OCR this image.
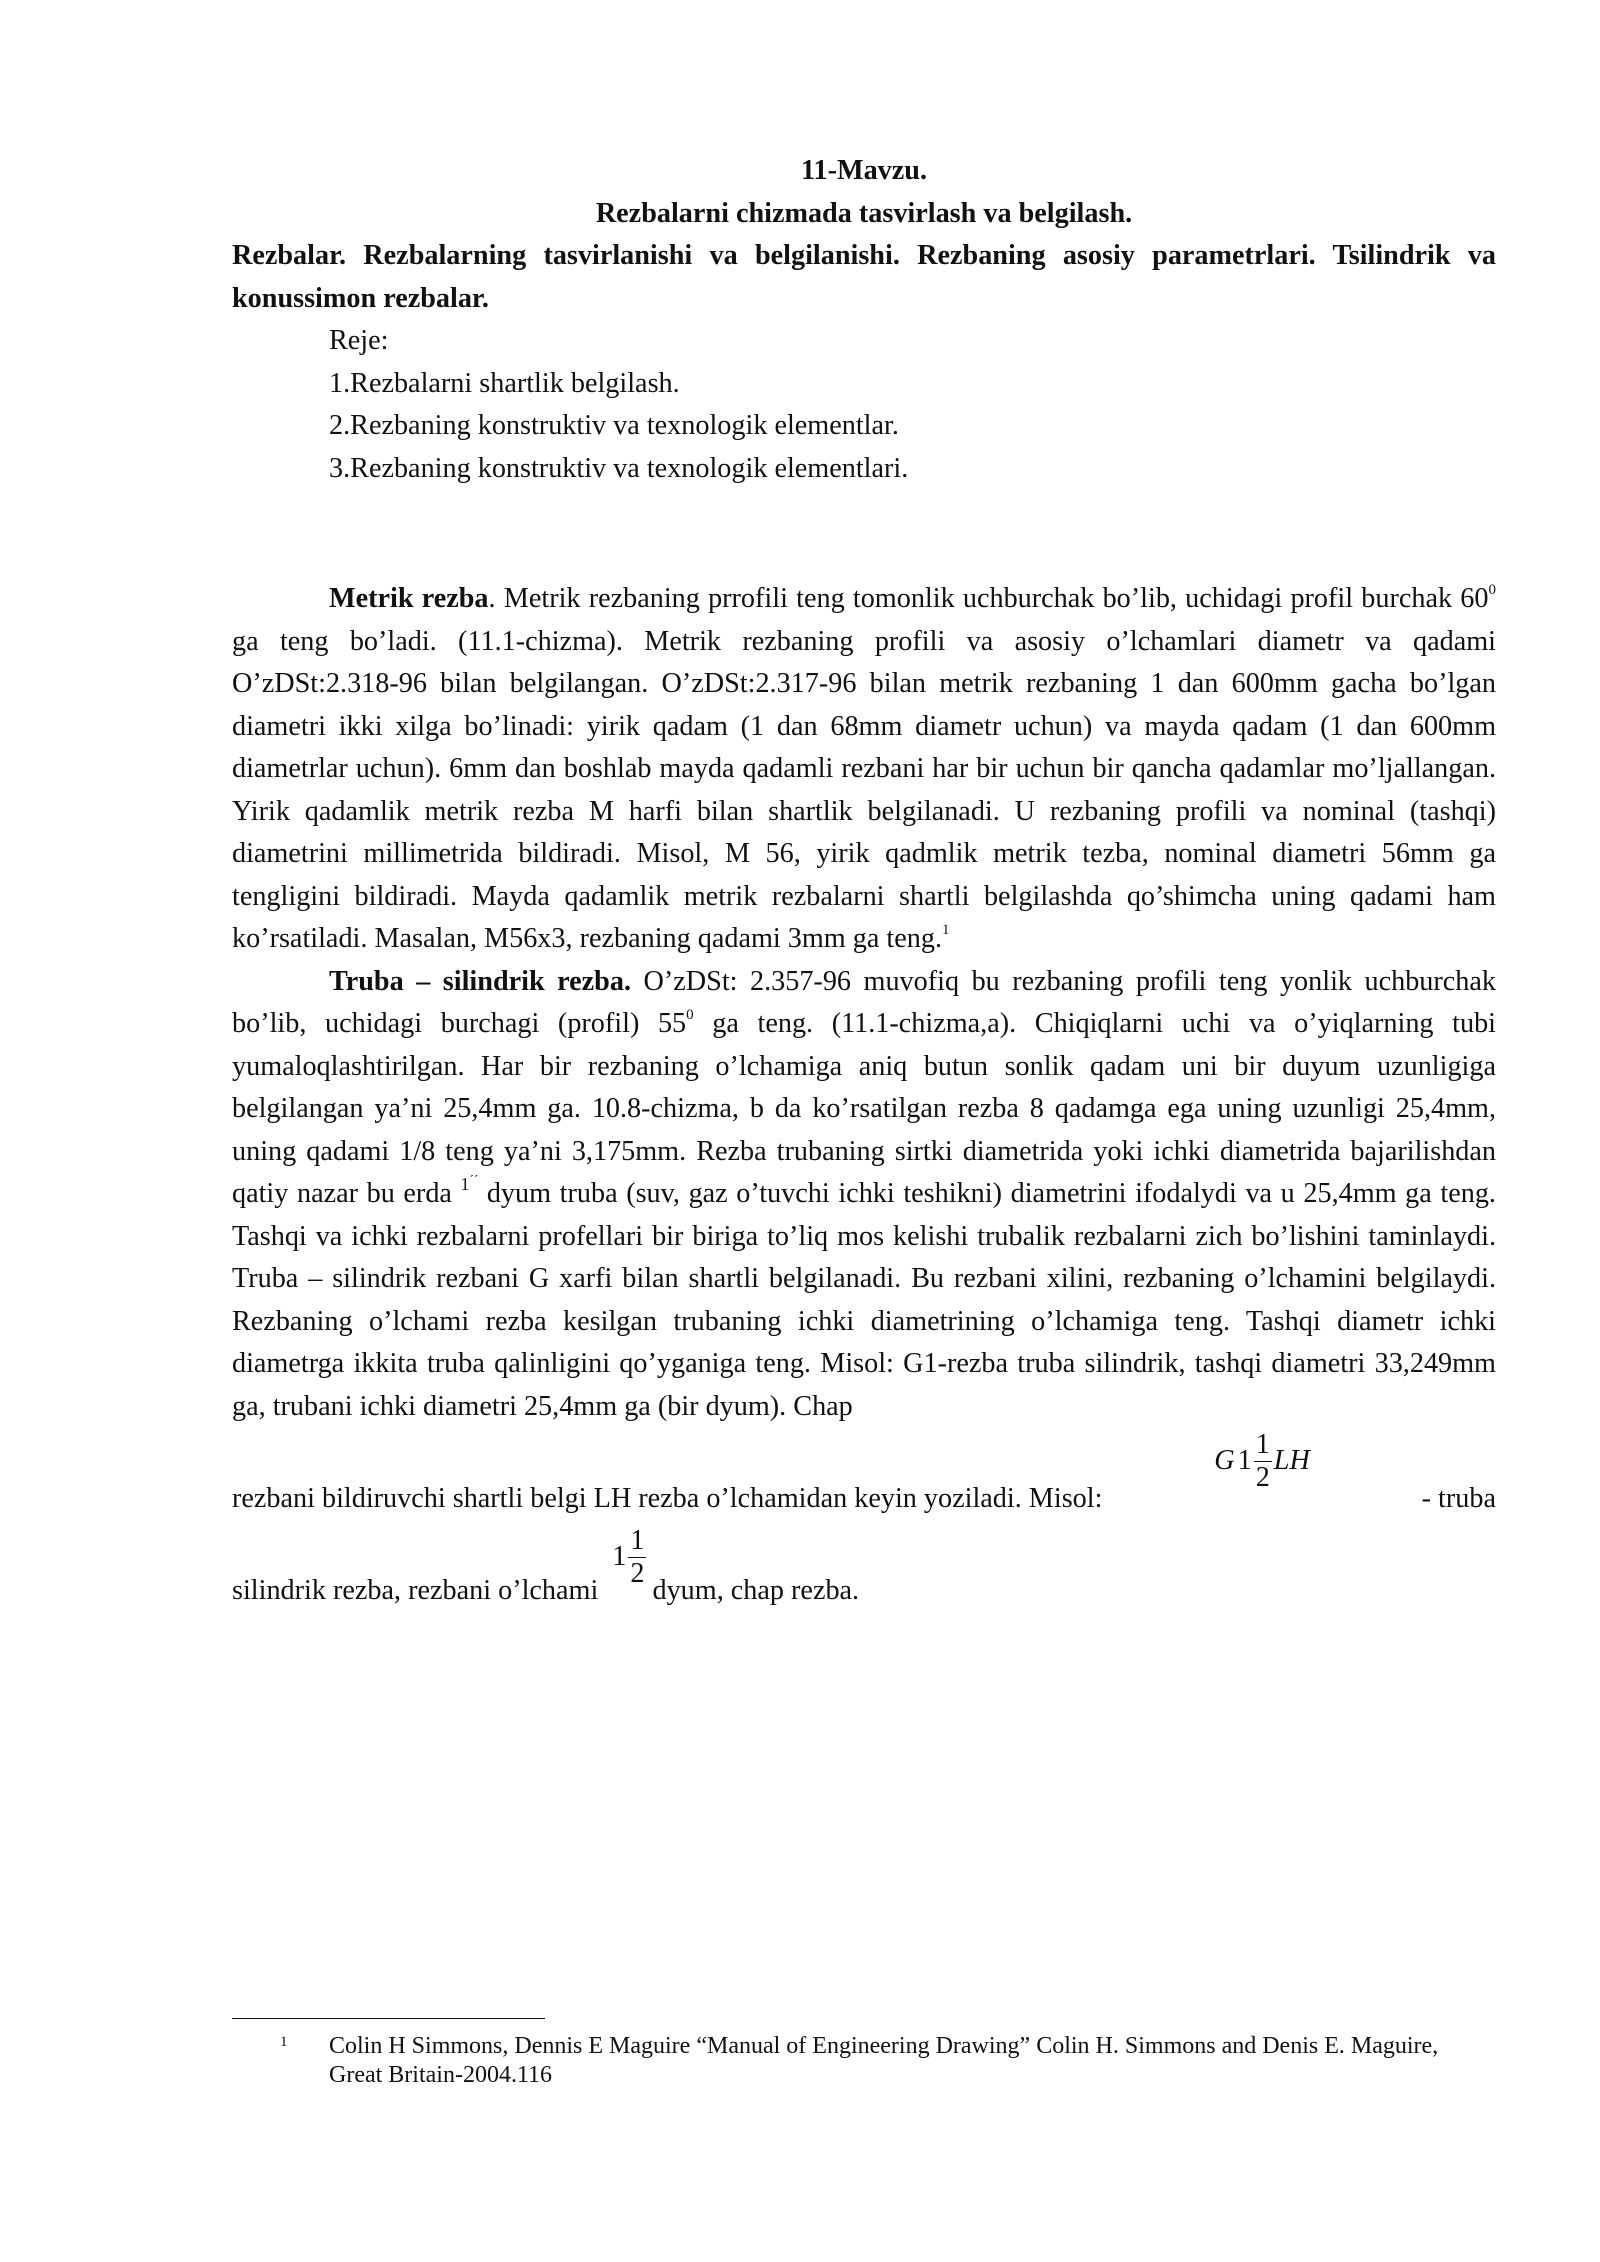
11-Mavzu.
Rezbalarni chizmada tasvirlash va belgilash.
Rezbalar. Rezbalarning tasvirlanishi va belgilanishi. Rezbaning asosiy parametrlari. Tsilindrik va konussimon rezbalar.
Reje:
1.Rezbalarni shartlik belgilash.
2.Rezbaning konstruktiv va texnologik elementlar.
3.Rezbaning konstruktiv va texnologik elementlari.

Metrik rezba. Metrik rezbaning prrofili teng tomonlik uchburchak bo’lib, uchidagi profil burchak $60^0$ ga teng bo’ladi. (11.1-chizma). Metrik rezbaning profili va asosiy o’lchamlari diametr va qadami O’zDSt:2.318-96 bilan belgilangan. O’zDSt:2.317-96 bilan metrik rezbaning 1 dan 600mm gacha bo’lgan diametri ikki xilga bo’linadi: yirik qadam (1 dan 68mm diametr uchun) va mayda qadam (1 dan 600mm diametrlar uchun). 6mm dan boshlab mayda qadamli rezbani har bir uchun bir qancha qadamlar mo’ljallangan. Yirik qadamlik metrik rezba M harfi bilan shartlik belgilanadi. U rezbaning profili va nominal (tashqi) diametrini millimetrida bildiradi. Misol, M 56, yirik qadmlik metrik tezba, nominal diametri 56mm ga tengligini bildiradi. Mayda qadamlik metrik rezbalarni shartli belgilashda qo’shimcha uning qadami ham ko’rsatiladi. Masalan, M56x3, rezbaning qadami 3mm ga teng.$^1$

Truba – silindrik rezba. O’zDSt: 2.357-96 muvofiq bu rezbaning profili teng yonlik uchburchak bo’lib, uchidagi burchagi (profil) $55^0$ ga teng. (11.1-chizma,a). Chiqiqlarni uchi va o’yiqlarning tubi yumaloqlashtirilgan. Har bir rezbaning o’lchamiga aniq butun sonlik qadam uni bir duyum uzunligiga belgilangan ya’ni 25,4mm ga. 10.8-chizma, b da ko’rsatilgan rezba 8 qadamga ega uning uzunligi 25,4mm, uning qadami 1/8 teng ya’ni 3,175mm. Rezba trubaning sirtki diametrida yoki ichki diametrida bajarilishdan qatiy nazar bu erda $^{1^{´´}}$ dyum truba (suv, gaz o’tuvchi ichki teshikni) diametrini ifodalydi va u 25,4mm ga teng. Tashqi va ichki rezbalarni profellari bir biriga to’liq mos kelishi trubalik rezbalarni zich bo’lishini taminlaydi. Truba – silindrik rezbani G xarfi bilan shartli belgilanadi. Bu rezbani xilini, rezbaning o’lchamini belgilaydi. Rezbaning o’lchami rezba kesilgan trubaning ichki diametrining o’lchamiga teng. Tashqi diametr ichki diametrga ikkita truba qalinligini qo’yganiga teng. Misol: G1-rezba truba silindrik, tashqi diametri 33,249mm ga, trubani ichki diametri 25,4mm ga (bir dyum). Chap

rezbani bildiruvchi shartli belgi LH rezba o’lchamidan keyin yoziladi. Misol:
G $1 \frac{1}{2}$ LH
- truba
silindrik rezba, rezbani o’lchami
$1 \frac{1}{2}$ dyum, chap rezba.
1	Colin H Simmons, Dennis E Maguire “Manual of Engineering Drawing” Colin H. Simmons and Denis E. Maguire, Great Britain-2004.116
